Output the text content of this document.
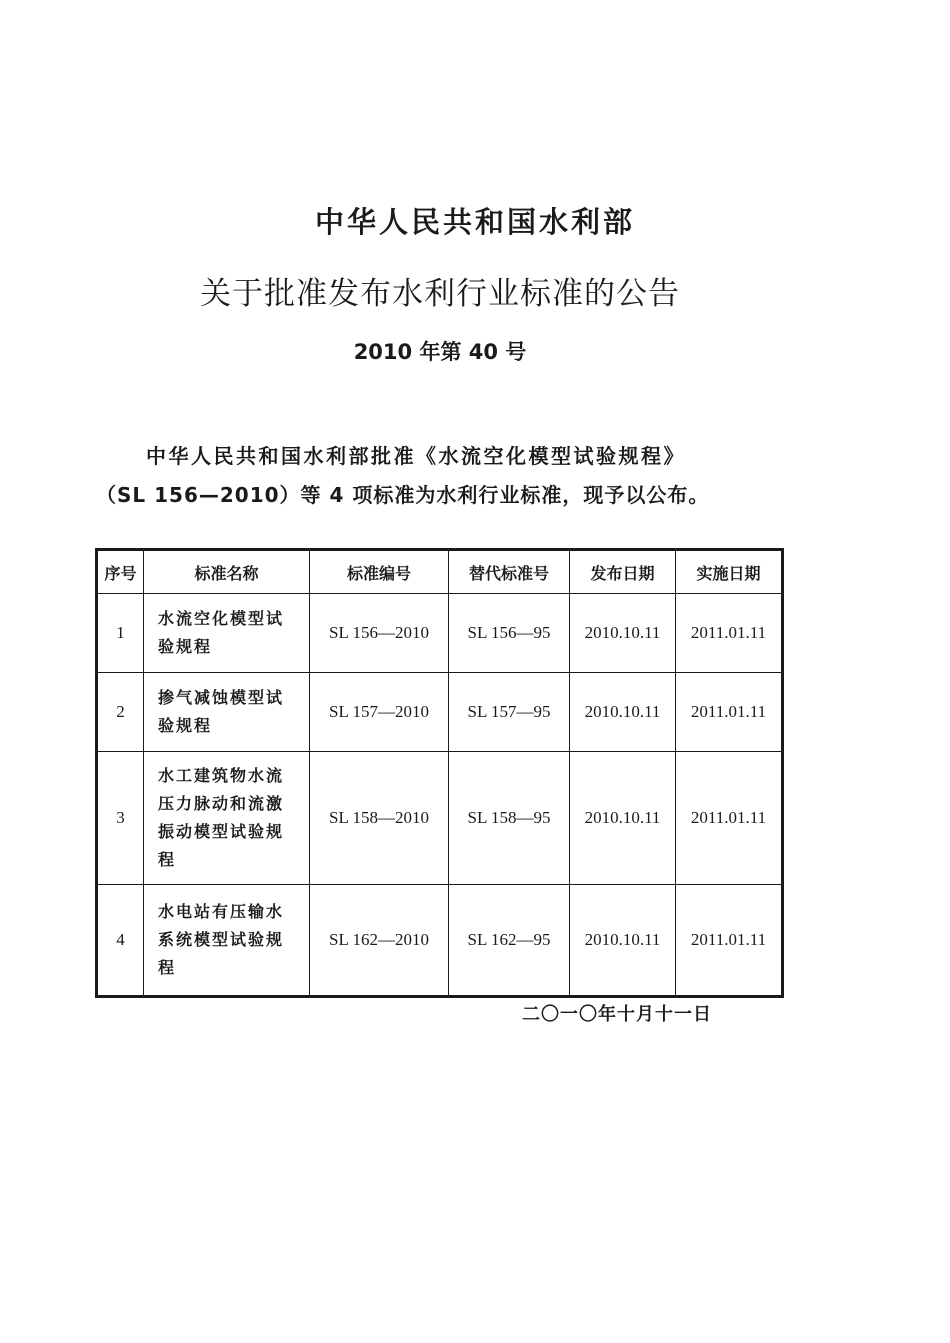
中华人民共和国水利部
关于批准发布水利行业标准的公告
2010 年第 40 号
中华人民共和国水利部批准《水流空化模型试验规程》
（SL 156—2010）等 4 项标准为水利行业标准，现予以公布。
序号	标准名称	标准编号	替代标准号	发布日期	实施日期
1	水流空化模型试验规程	SL 156—2010	SL 156—95	2010.10.11	2011.01.11
2	掺气减蚀模型试验规程	SL 157—2010	SL 157—95	2010.10.11	2011.01.11
3	水工建筑物水流压力脉动和流激振动模型试验规程	SL 158—2010	SL 158—95	2010.10.11	2011.01.11
4	水电站有压输水系统模型试验规程	SL 162—2010	SL 162—95	2010.10.11	2011.01.11
二〇一〇年十月十一日
